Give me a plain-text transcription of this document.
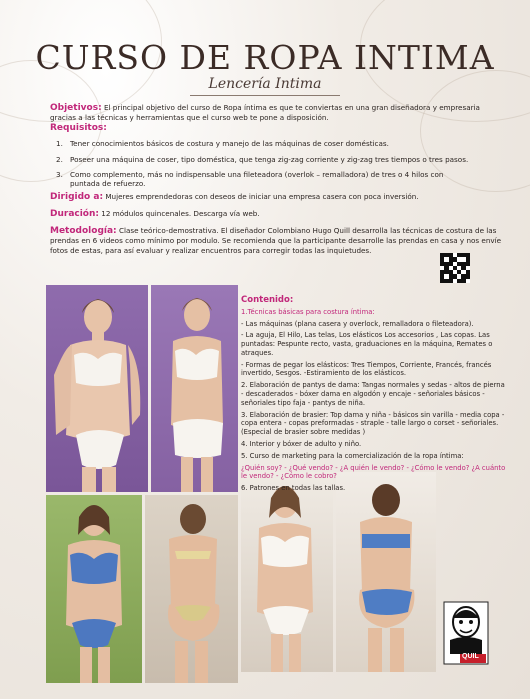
CURSO DE ROPA INTIMA
Lencería Intima
Objetivos: El principal objetivo del curso de Ropa íntima es que te conviertas en una gran diseñadora y empresaria gracias a las técnicas y herramientas que el curso web te pone a disposición.
Requisitos:
1. Tener conocimientos básicos de costura y manejo de las máquinas de coser domésticas.
2. Poseer una máquina de coser, tipo doméstica, que tenga zig-zag corriente y zig-zag tres tiempos o tres pasos.
3. Como complemento, más no indispensable una fileteadora (overlok – remalladora) de tres o 4 hilos con puntada de refuerzo.
Dirigido a: Mujeres emprendedoras con deseos de iniciar una empresa casera con poca inversión.
Duración: 12 módulos quincenales. Descarga vía web.
Metodología: Clase teórico-demostrativa. El diseñador Colombiano Hugo Quill desarrolla las técnicas de costura de las prendas en 6 videos como mínimo por modulo. Se recomienda que la participante desarrolle las prendas en casa y nos envíe fotos de estas, para así evaluar y realizar encuentros para corregir todas las inquietudes.

Contenido:

1.Técnicas básicas para costura íntima:

- Las máquinas (plana casera y overlock, remalladora o fileteadora).

- La aguja, El Hilo, Las telas, Los elásticos Los accesorios , Las copas. Las puntadas: Pespunte recto, vasta, graduaciones en la máquina, Remates o atraques.

- Formas de pegar los elásticos: Tres Tiempos, Corriente, Francés, francés invertido, Sesgos. -Estiramiento de los elásticos.

2. Elaboración de pantys de dama: Tangas normales y sedas - altos de pierna - descaderados - bóxer dama en algodón y encaje - señoriales básicos - señoriales tipo faja - pantys de niña.

3. Elaboración de brasier: Top dama y niña - básicos sin varilla - media copa - copa entera - copas preformadas - straple - talle largo o corset - señoriales. (Especial de brasier sobre medidas )

4. Interior y bóxer de adulto y niño.

5. Curso de marketing para la comercialización de la ropa íntima:

¿Quién soy? - ¿Qué vendo? - ¿A quién le vendo? - ¿Cómo le vendo? ¿A cuánto le vendo? - ¿Cómo le cobro?

6. Patrones en todas las tallas.

QUIL
